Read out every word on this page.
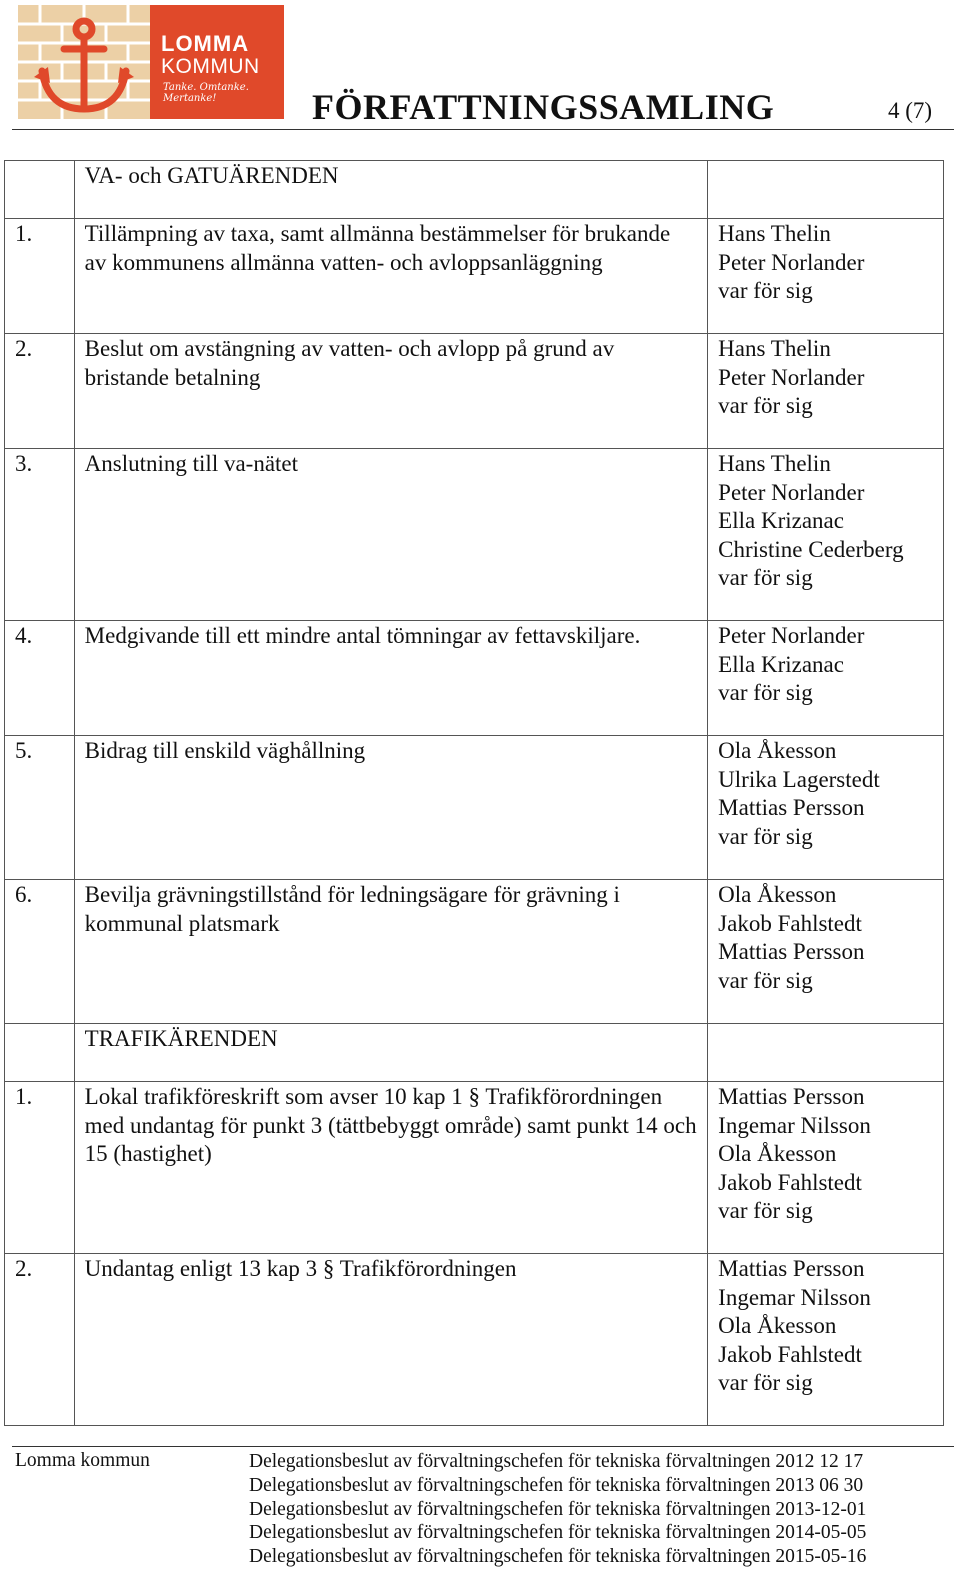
LOMMA
KOMMUN
Tanke. Omtanke. Mertanke!	FÖRFATTNINGSSAMLING	4 (7)
	VA- och GATUÄRENDEN	
1.	Tillämpning av taxa, samt allmänna bestämmelser för brukande av kommunens allmänna vatten- och avloppsanläggning	Hans Thelin
Peter Norlander
var för sig

2.	Beslut om avstängning av vatten- och avlopp på grund av bristande betalning	Hans Thelin
Peter Norlander
var för sig

3.	Anslutning till va-nätet	Hans Thelin
Peter Norlander
Ella Krizanac
Christine Cederberg
var för sig

4.	Medgivande till ett mindre antal tömningar av fettavskiljare.	Peter Norlander
Ella Krizanac
var för sig

5.	Bidrag till enskild väghållning	Ola Åkesson
Ulrika Lagerstedt
Mattias Persson
var för sig

6.	Bevilja grävningstillstånd för ledningsägare för grävning i kommunal platsmark	Ola Åkesson
Jakob Fahlstedt
Mattias Persson
var för sig

	TRAFIKÄRENDEN	
1.	Lokal trafikföreskrift som avser 10 kap 1 § Trafikförordningen med undantag för punkt 3 (tättbebyggt område) samt punkt 14 och 15 (hastighet)	Mattias Persson
Ingemar Nilsson
Ola Åkesson
Jakob Fahlstedt
var för sig

2.	Undantag enligt 13 kap 3 § Trafikförordningen	Mattias Persson
Ingemar Nilsson
Ola Åkesson
Jakob Fahlstedt
var för sig
Lomma kommun	Delegationsbeslut av förvaltningschefen för tekniska förvaltningen 2012 12 17
Delegationsbeslut av förvaltningschefen för tekniska förvaltningen 2013 06 30
Delegationsbeslut av förvaltningschefen för tekniska förvaltningen 2013-12-01
Delegationsbeslut av förvaltningschefen för tekniska förvaltningen 2014-05-05
Delegationsbeslut av förvaltningschefen för tekniska förvaltningen 2015-05-16
